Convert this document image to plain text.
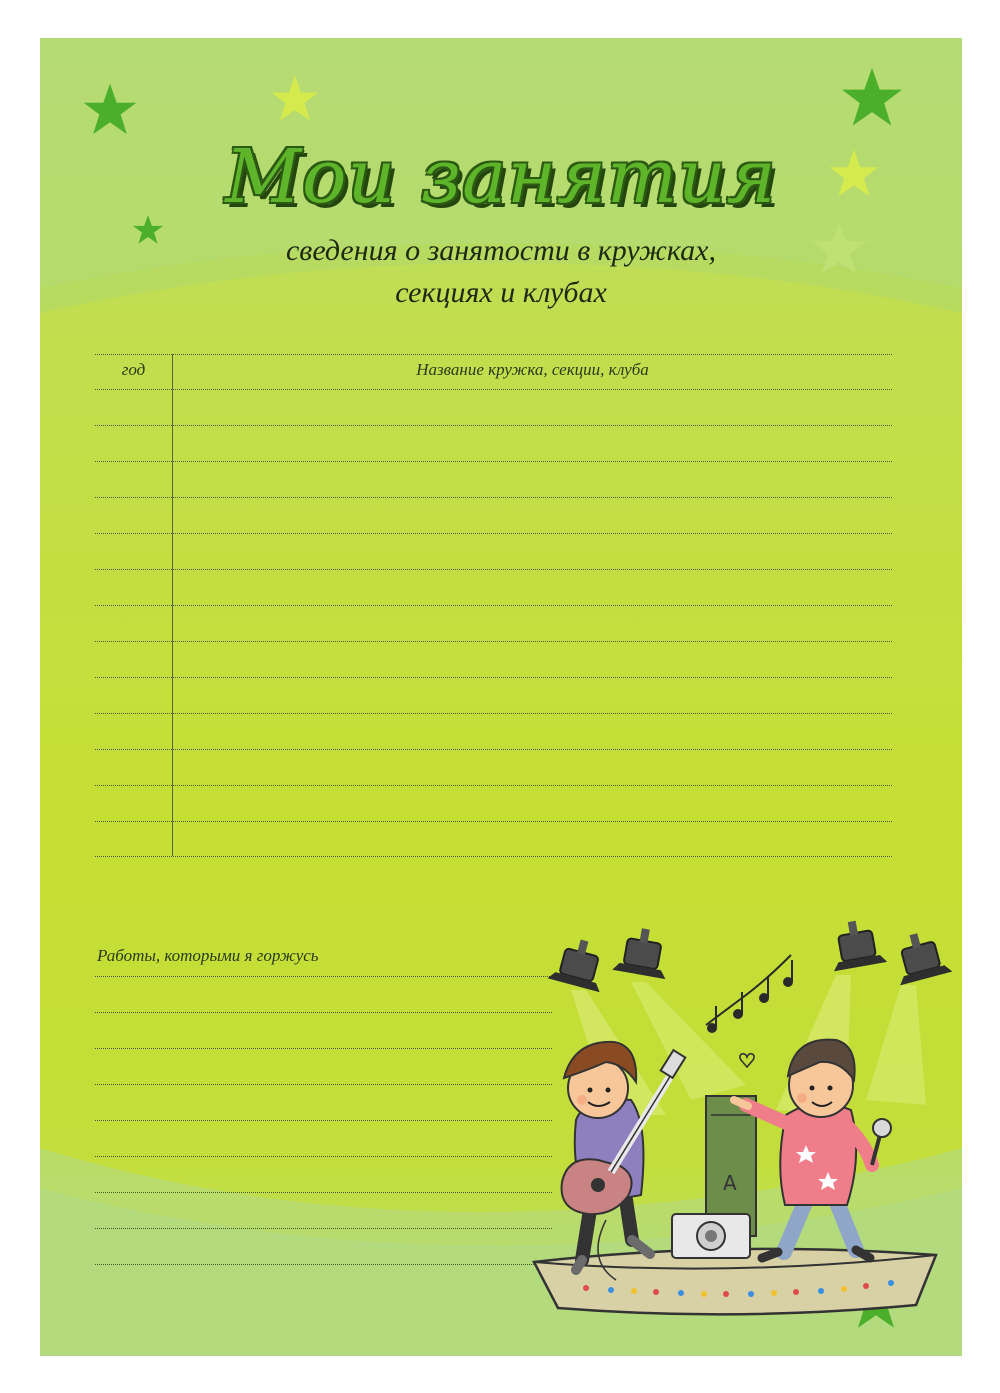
Мои занятия
сведения о занятости в кружках,
секциях и клубах
год	Название кружка, секции, клуба
Работы, которыми я горжусь
A
